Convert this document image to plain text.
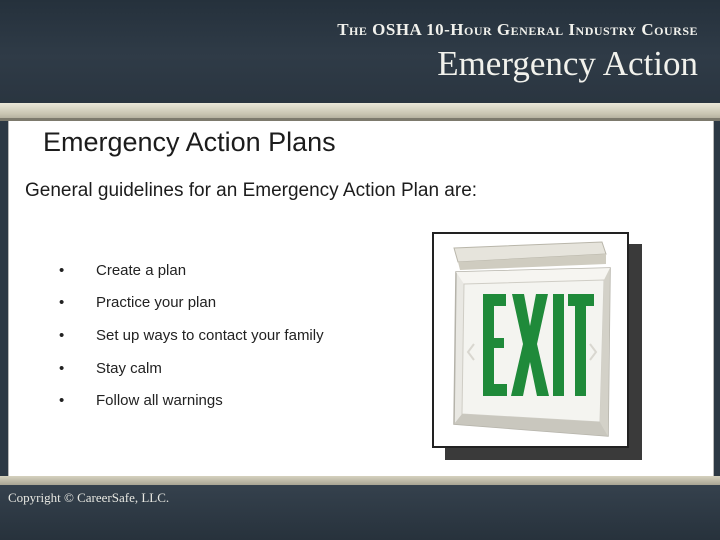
The OSHA 10-Hour General Industry Course
Emergency Action
Emergency Action Plans
General guidelines for an Emergency Action Plan are:
• Create a plan
• Practice your plan
• Set up ways to contact your family
• Stay calm
• Follow all warnings
Copyright © CareerSafe, LLC.
